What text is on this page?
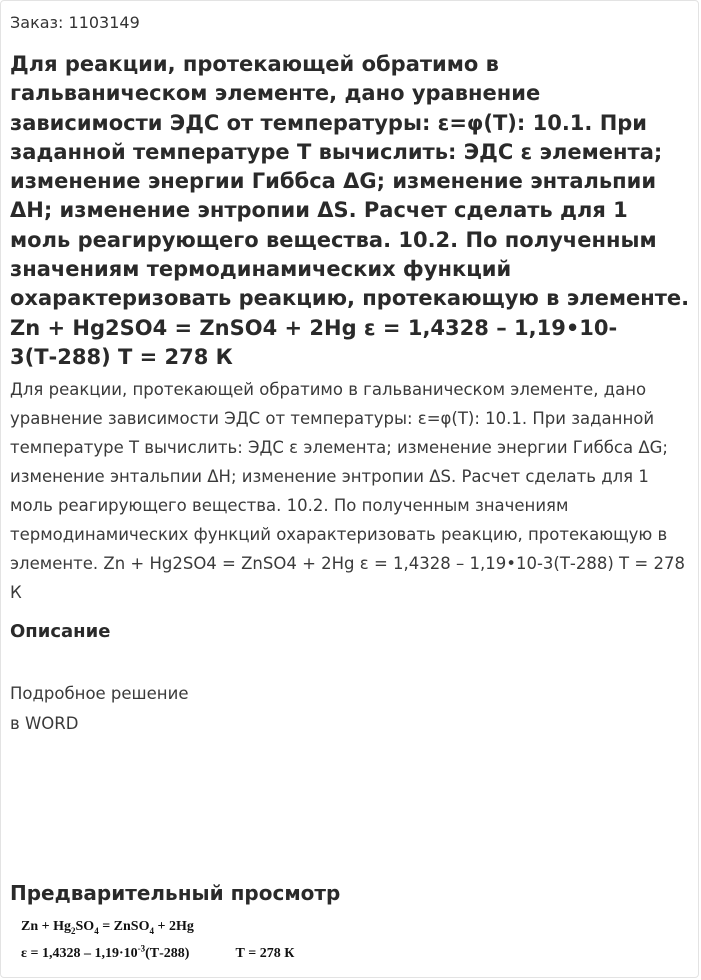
Заказ: 1103149
Для реакции, протекающей обратимо в гальваническом элементе, дано уравнение зависимости ЭДС от температуры: ε=φ(Т): 10.1. При заданной температуре Т вычислить: ЭДС ε элемента; изменение энергии Гиббса ΔG; изменение энтальпии ΔН; изменение энтропии ΔS. Расчет сделать для 1 моль реагирующего вещества. 10.2. По полученным значениям термодинамических функций охарактеризовать реакцию, протекающую в элементе. Zn + Hg2SO4 = ZnSO4 + 2Hg ε = 1,4328 – 1,19•10-3(Т-288) Т = 278 К

Для реакции, протекающей обратимо в гальваническом элементе, дано уравнение зависимости ЭДС от температуры: ε=φ(Т): 10.1. При заданной температуре Т вычислить: ЭДС ε элемента; изменение энергии Гиббса ΔG; изменение энтальпии ΔН; изменение энтропии ΔS. Расчет сделать для 1 моль реагирующего вещества. 10.2. По полученным значениям термодинамических функций охарактеризовать реакцию, протекающую в элементе. Zn + Hg2SO4 = ZnSO4 + 2Hg ε = 1,4328 – 1,19•10-3(Т-288) Т = 278 К

Описание
Подробное решение
в WORD
Предварительный просмотр
$Zn + Hg_2SO_4$ = ZnSO$_4$ + 2Hg
$\varepsilon = 1,4328 - 1,19\cdot 10^{-3}(Т-288)$	Т = 278 К
